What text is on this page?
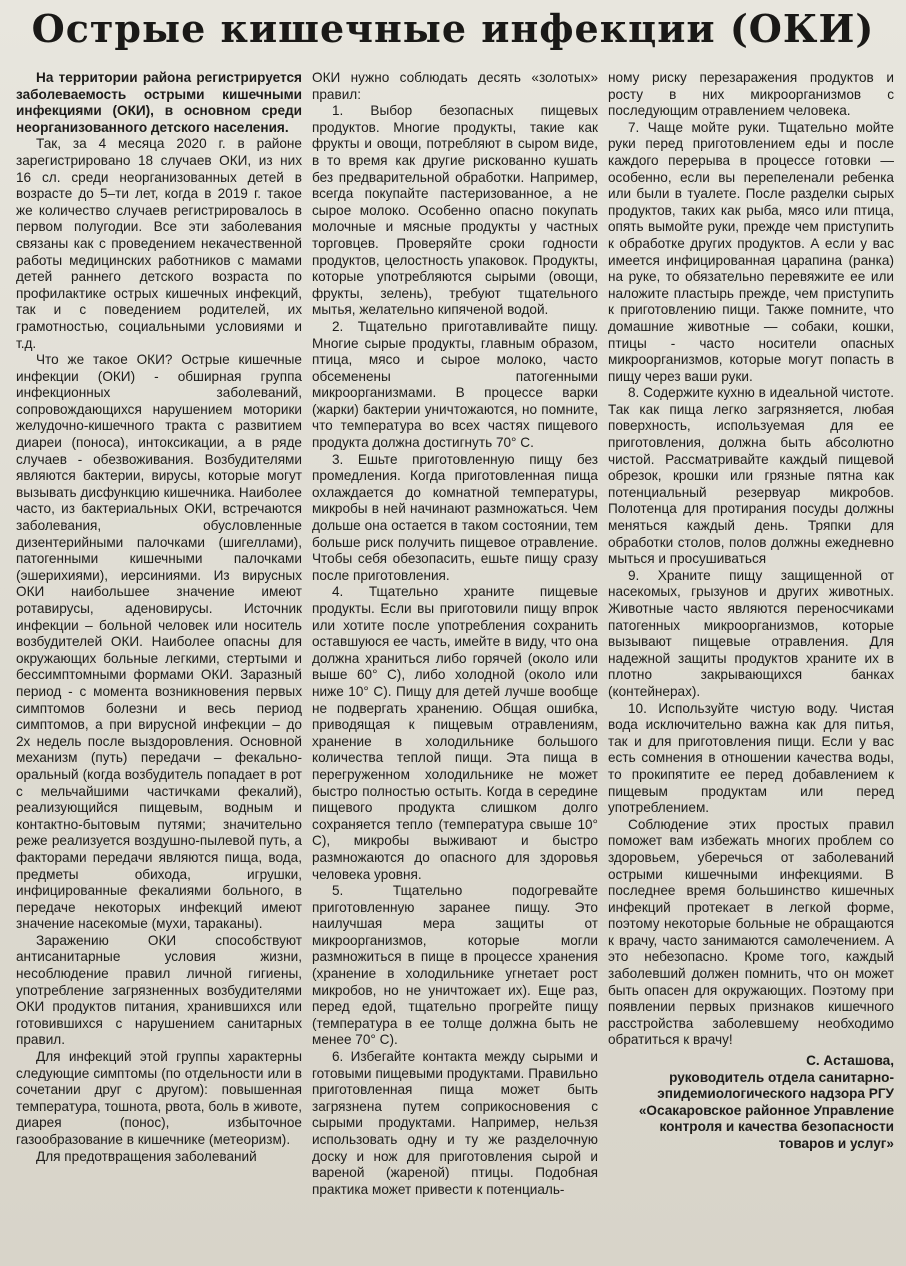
Острые кишечные инфекции (ОКИ)

На территории района регистрируется заболеваемость острыми кишечными инфекциями (ОКИ), в основном среди неорганизованного детского населения.

Так, за 4 месяца 2020 г. в районе зарегистрировано 18 случаев ОКИ, из них 16 сл. среди неорганизованных детей в возрасте до 5–ти лет, когда в 2019 г. такое же количество случаев регистрировалось в первом полугодии. Все эти заболевания связаны как с проведением некачественной работы медицинских работников с мамами детей раннего детского возраста по профилактике острых кишечных инфекций, так и с поведением родителей, их грамотностью, социальными условиями и т.д.

Что же такое ОКИ? Острые кишечные инфекции (ОКИ) - обширная группа инфекционных заболеваний, сопровождающихся нарушением моторики желудочно-кишечного тракта с развитием диареи (поноса), интоксикации, а в ряде случаев - обезвоживания. Возбудителями являются бактерии, вирусы, которые могут вызывать дисфункцию кишечника. Наиболее часто, из бактериальных ОКИ, встречаются заболевания, обусловленные дизентерийными палочками (шигеллами), патогенными кишечными палочками (эшерихиями), иерсиниями. Из вирусных ОКИ наибольшее значение имеют ротавирусы, аденовирусы. Источник инфекции – больной человек или носитель возбудителей ОКИ. Наиболее опасны для окружающих больные легкими, стертыми и бессимптомными формами ОКИ. Заразный период - с момента возникновения первых симптомов болезни и весь период симптомов, а при вирусной инфекции – до 2х недель после выздоровления. Основной механизм (путь) передачи – фекально-оральный (когда возбудитель попадает в рот с мельчайшими частичками фекалий), реализующийся пищевым, водным и контактно-бытовым путями; значительно реже реализуется воздушно-пылевой путь, а факторами передачи являются пища, вода, предметы обихода, игрушки, инфицированные фекалиями больного, в передаче некоторых инфекций имеют значение насекомые (мухи, тараканы).

Заражению ОКИ способствуют антисанитарные условия жизни, несоблюдение правил личной гигиены, употребление загрязненных возбудителями ОКИ продуктов питания, хранившихся или готовившихся с нарушением санитарных правил.

Для инфекций этой группы характерны следующие симптомы (по отдельности или в сочетании друг с другом): повышенная температура, тошнота, рвота, боль в животе, диарея (понос), избыточное газообразование в кишечнике (метеоризм).

Для предотвращения заболеваний

ОКИ нужно соблюдать десять «золотых» правил:

1. Выбор безопасных пищевых продуктов. Многие продукты, такие как фрукты и овощи, потребляют в сыром виде, в то время как другие рискованно кушать без предварительной обработки. Например, всегда покупайте пастеризованное, а не сырое молоко. Особенно опасно покупать молочные и мясные продукты у частных торговцев. Проверяйте сроки годности продуктов, целостность упаковок. Продукты, которые употребляются сырыми (овощи, фрукты, зелень), требуют тщательного мытья, желательно кипяченой водой.

2. Тщательно приготавливайте пищу. Многие сырые продукты, главным образом, птица, мясо и сырое молоко, часто обсеменены патогенными микроорганизмами. В процессе варки (жарки) бактерии уничтожаются, но помните, что температура во всех частях пищевого продукта должна достигнуть 70° С.

3. Ешьте приготовленную пищу без промедления. Когда приготовленная пища охлаждается до комнатной температуры, микробы в ней начинают размножаться. Чем дольше она остается в таком состоянии, тем больше риск получить пищевое отравление. Чтобы себя обезопасить, ешьте пищу сразу после приготовления.

4. Тщательно храните пищевые продукты. Если вы приготовили пищу впрок или хотите после употребления сохранить оставшуюся ее часть, имейте в виду, что она должна храниться либо горячей (около или выше 60° С), либо холодной (около или ниже 10° С). Пищу для детей лучше вообще не подвергать хранению. Общая ошибка, приводящая к пищевым отравлениям, хранение в холодильнике большого количества теплой пищи. Эта пища в перегруженном холодильнике не может быстро полностью остыть. Когда в середине пищевого продукта слишком долго сохраняется тепло (температура свыше 10° С), микробы выживают и быстро размножаются до опасного для здоровья человека уровня.

5. Тщательно подогревайте приготовленную заранее пищу. Это наилучшая мера защиты от микроорганизмов, которые могли размножиться в пище в процессе хранения (хранение в холодильнике угнетает рост микробов, но не уничтожает их). Еще раз, перед едой, тщательно прогрейте пищу (температура в ее толще должна быть не менее 70° С).

6. Избегайте контакта между сырыми и готовыми пищевыми продуктами. Правильно приготовленная пища может быть загрязнена путем соприкосновения с сырыми продуктами. Например, нельзя использовать одну и ту же разделочную доску и нож для приготовления сырой и вареной (жареной) птицы. Подобная практика может привести к потенциаль-

ному риску перезаражения продуктов и росту в них микроорганизмов с последующим отравлением человека.

7. Чаще мойте руки. Тщательно мойте руки перед приготовлением еды и после каждого перерыва в процессе готовки — особенно, если вы перепеленали ребенка или были в туалете. После разделки сырых продуктов, таких как рыба, мясо или птица, опять вымойте руки, прежде чем приступить к обработке других продуктов. А если у вас имеется инфицированная царапина (ранка) на руке, то обязательно перевяжите ее или наложите пластырь прежде, чем приступить к приготовлению пищи. Также помните, что домашние животные — собаки, кошки, птицы - часто носители опасных микроорганизмов, которые могут попасть в пищу через ваши руки.

8. Содержите кухню в идеальной чистоте. Так как пища легко загрязняется, любая поверхность, используемая для ее приготовления, должна быть абсолютно чистой. Рассматривайте каждый пищевой обрезок, крошки или грязные пятна как потенциальный резервуар микробов. Полотенца для протирания посуды должны меняться каждый день. Тряпки для обработки столов, полов должны ежедневно мыться и просушиваться

9. Храните пищу защищенной от насекомых, грызунов и других животных. Животные часто являются переносчиками патогенных микроорганизмов, которые вызывают пищевые отравления. Для надежной защиты продуктов храните их в плотно закрывающихся банках (контейнерах).

10. Используйте чистую воду. Чистая вода исключительно важна как для питья, так и для приготовления пищи. Если у вас есть сомнения в отношении качества воды, то прокипятите ее перед добавлением к пищевым продуктам или перед употреблением.

Соблюдение этих простых правил поможет вам избежать многих проблем со здоровьем, уберечься от заболеваний острыми кишечными инфекциями. В последнее время большинство кишечных инфекций протекает в легкой форме, поэтому некоторые больные не обращаются к врачу, часто занимаются самолечением. А это небезопасно. Кроме того, каждый заболевший должен помнить, что он может быть опасен для окружающих. Поэтому при появлении первых признаков кишечного расстройства заболевшему необходимо обратиться к врачу!

С. Асташова,
руководитель отдела санитарно-
эпидемиологического надзора РГУ
«Осакаровское районное Управление
контроля и качества безопасности
товаров и услуг»
